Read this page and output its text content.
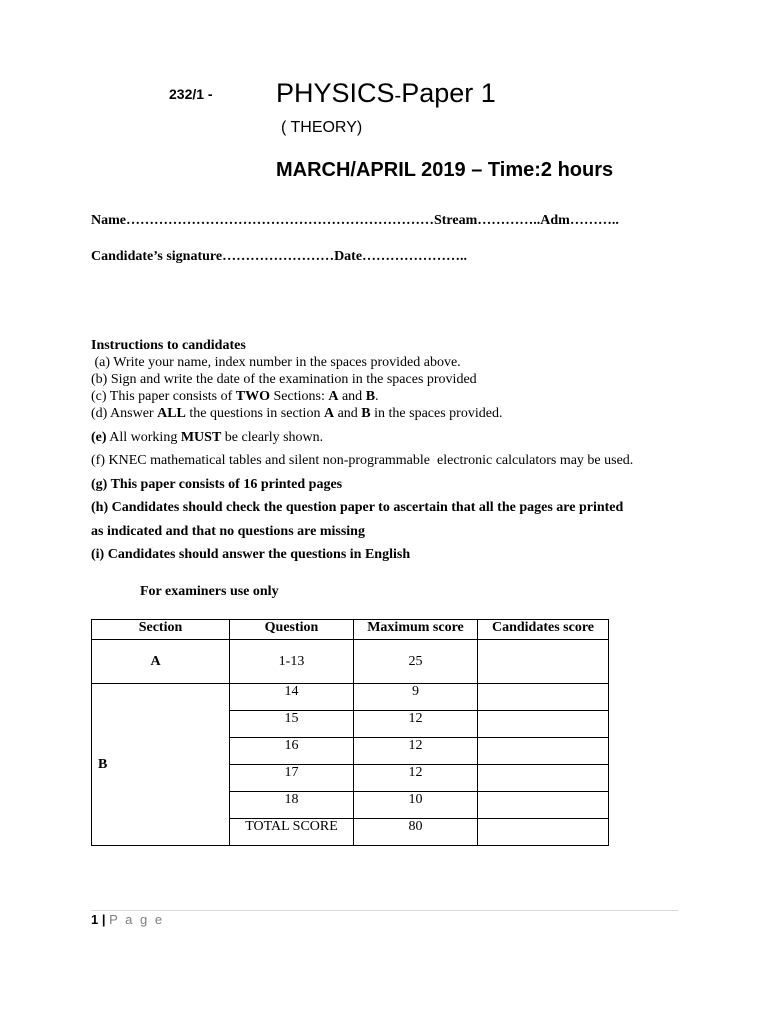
232/1 - PHYSICS-Paper 1
( THEORY)
MARCH/APRIL 2019 – Time:2 hours
Name…………………………………………………………Stream…………..Adm………..
Candidate’s signature……………………Date…………………..
Instructions to candidates
(a) Write your name, index number in the spaces provided above.
(b) Sign and write the date of the examination in the spaces provided
(c) This paper consists of TWO Sections: A and B.
(d) Answer ALL the questions in section A and B in the spaces provided.
(e) All working MUST be clearly shown.
(f) KNEC mathematical tables and silent non-programmable  electronic calculators may be used.
(g) This paper consists of 16 printed pages
(h) Candidates should check the question paper to ascertain that all the pages are printed
as indicated and that no questions are missing
(i) Candidates should answer the questions in English
For examiners use only
Section	Question	Maximum score	Candidates score
A	1-13	25	
B	14	9	
	15	12	
	16	12	
	17	12	
	18	10	
	TOTAL SCORE	80	
1 | P a g e
